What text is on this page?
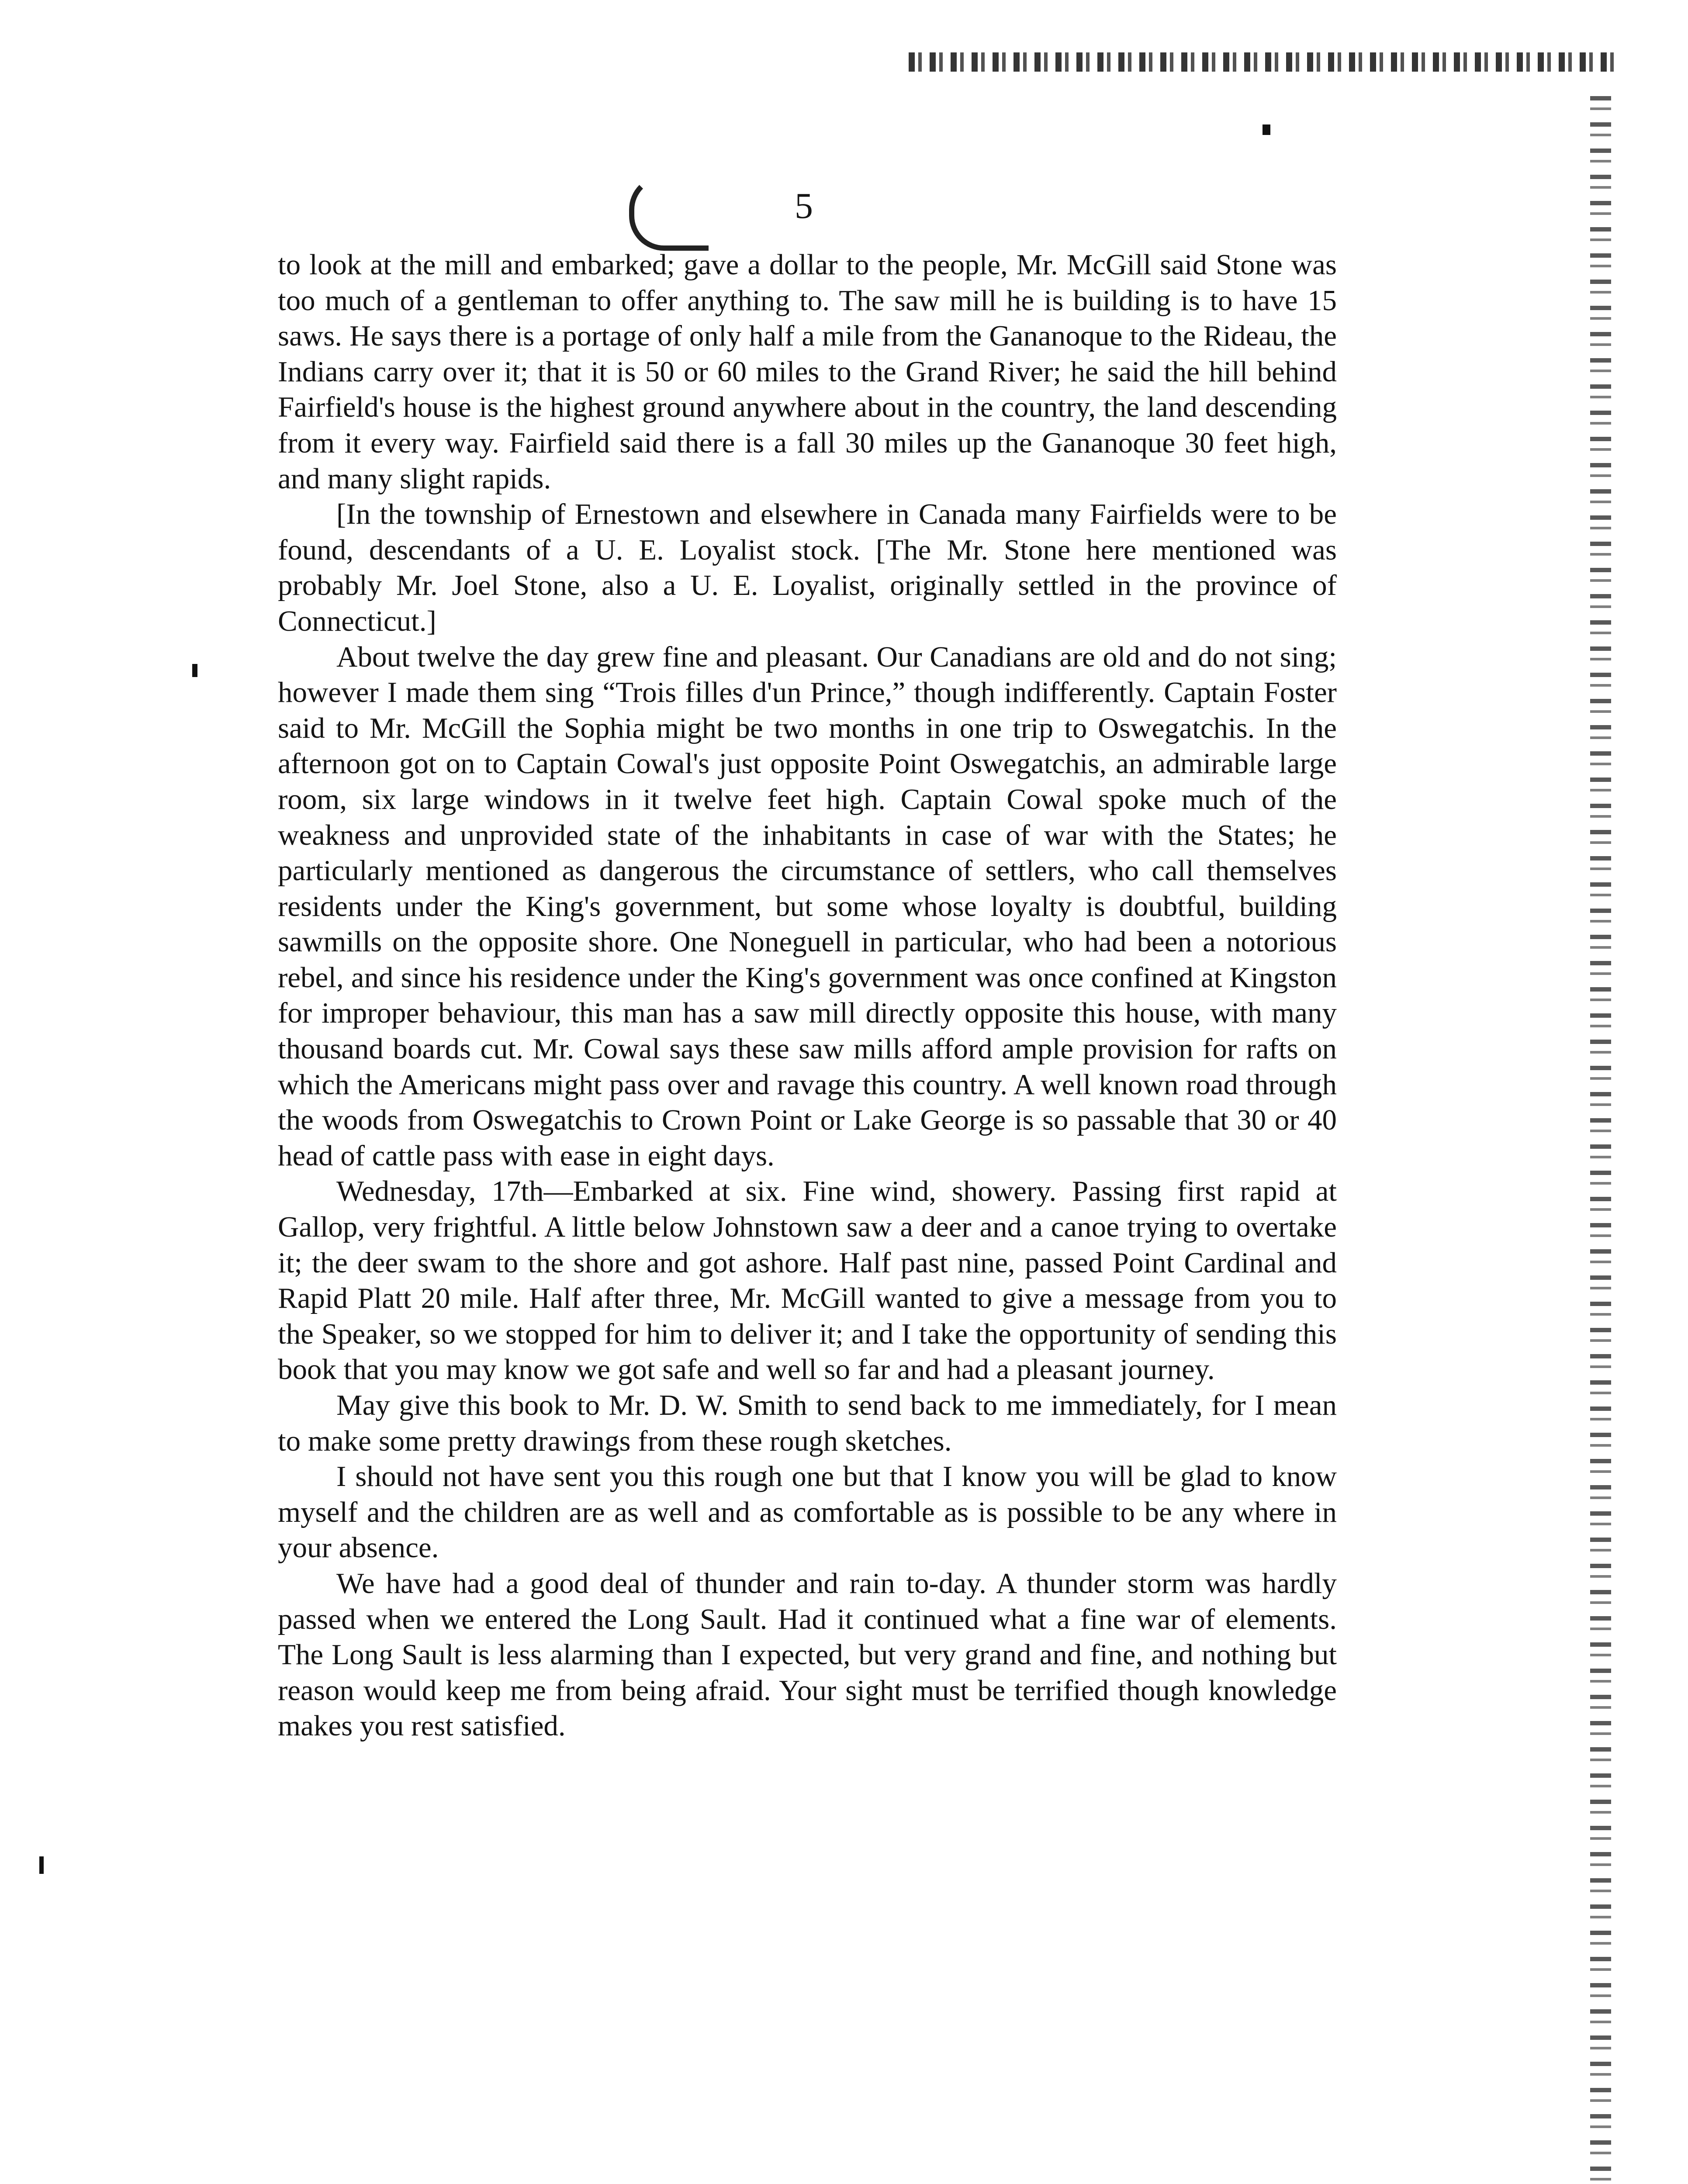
5

to look at the mill and embarked; gave a dollar to the people, Mr. McGill said Stone was too much of a gentleman to offer anything to. The saw mill he is building is to have 15 saws. He says there is a portage of only half a mile from the Gananoque to the Rideau, the Indians carry over it; that it is 50 or 60 miles to the Grand River; he said the hill behind Fairfield's house is the highest ground anywhere about in the country, the land descending from it every way. Fairfield said there is a fall 30 miles up the Gananoque 30 feet high, and many slight rapids.

[In the township of Ernestown and elsewhere in Canada many Fairfields were to be found, descendants of a U. E. Loyalist stock. [The Mr. Stone here mentioned was probably Mr. Joel Stone, also a U. E. Loyalist, originally settled in the province of Connecticut.]

About twelve the day grew fine and pleasant. Our Canadians are old and do not sing; however I made them sing “Trois filles d'un Prince,” though indifferently. Captain Foster said to Mr. McGill the Sophia might be two months in one trip to Oswegatchis. In the afternoon got on to Captain Cowal's just opposite Point Oswegatchis, an admirable large room, six large windows in it twelve feet high. Captain Cowal spoke much of the weakness and unprovided state of the inhabitants in case of war with the States; he particularly mentioned as dangerous the circumstance of settlers, who call themselves residents under the King's government, but some whose loyalty is doubtful, building sawmills on the opposite shore. One Noneguell in particular, who had been a notorious rebel, and since his residence under the King's government was once confined at Kingston for improper behaviour, this man has a saw mill directly opposite this house, with many thousand boards cut. Mr. Cowal says these saw mills afford ample provision for rafts on which the Americans might pass over and ravage this country. A well known road through the woods from Oswegatchis to Crown Point or Lake George is so passable that 30 or 40 head of cattle pass with ease in eight days.

Wednesday, 17th—Embarked at six. Fine wind, showery. Passing first rapid at Gallop, very frightful. A little below Johnstown saw a deer and a canoe trying to overtake it; the deer swam to the shore and got ashore. Half past nine, passed Point Cardinal and Rapid Platt 20 mile. Half after three, Mr. McGill wanted to give a message from you to the Speaker, so we stopped for him to deliver it; and I take the opportunity of sending this book that you may know we got safe and well so far and had a pleasant journey.

May give this book to Mr. D. W. Smith to send back to me immediately, for I mean to make some pretty drawings from these rough sketches.

I should not have sent you this rough one but that I know you will be glad to know myself and the children are as well and as comfortable as is possible to be any where in your absence.

We have had a good deal of thunder and rain to-day. A thunder storm was hardly passed when we entered the Long Sault. Had it continued what a fine war of elements. The Long Sault is less alarming than I expected, but very grand and fine, and nothing but reason would keep me from being afraid. Your sight must be terrified though knowledge makes you rest satisfied.
